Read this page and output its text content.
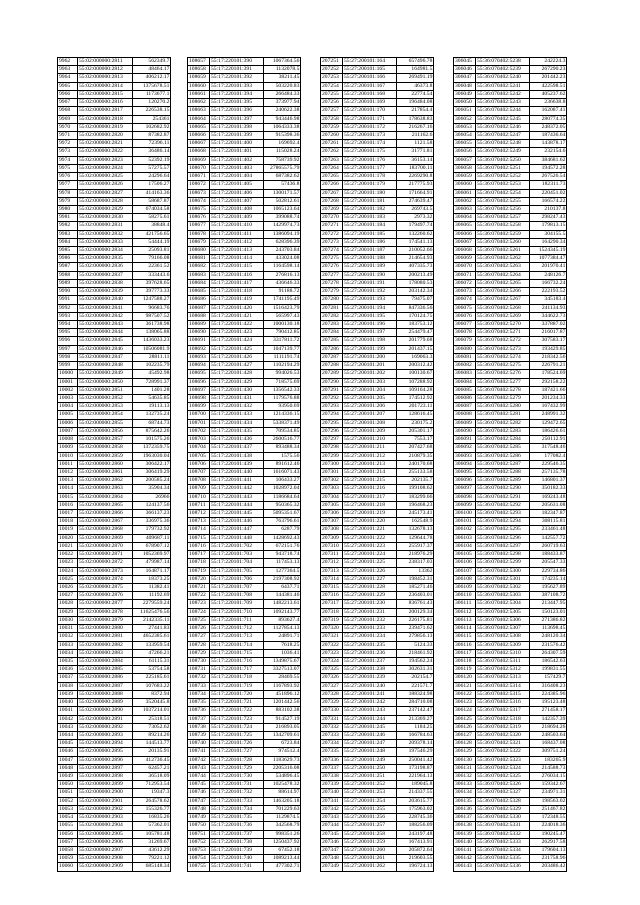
9962	55:02:000000:2811	562349.7
9963	55:02:000000:2812	48464.17
9964	55:02:000000:2813	406212.17
9965	55:02:000000:2814	1375678.51
9966	55:02:000000:2815	1173677.1
9967	55:02:000000:2816	120270.2
9968	55:02:000000:2817	226538.15
9969	55:02:000000:2818	254361
9970	55:02:000000:2819	102682.92
9971	55:02:000000:2820	87382.87
9972	55:02:000000:2821	72396.11
9973	55:02:000000:2822	36486.14
9974	55:02:000000:2823	52392.19
9975	55:02:000000:2824	57275.57
9976	55:02:000000:2825	24296.64
9977	55:02:000000:2826	17506.27
9978	55:02:000000:2827	414163.36
9979	55:02:000000:2828	58687.87
9980	55:02:000000:2829	674034.58
9981	55:02:000000:2830	58275.61
9982	55:02:000000:2831	38848.4
9983	55:02:000000:2832	421756.65
9984	55:02:000000:2833	54444.19
9985	55:02:000000:2834	25093.81
9986	55:02:000000:2835	79166.08
9987	55:02:000000:2836	22361.52
9988	55:02:000000:2837	333443.6
9989	55:02:000000:2838	397628.65
9990	55:02:000000:2839	397773.33
9991	55:02:000000:2840	1247588.27
9992	55:02:000000:2841	96683.76
9993	55:02:000000:2842	987507.52
9994	55:02:000000:2843	361738.98
9995	55:02:000000:2844	138065.88
9996	55:02:000000:2845	1436033.23
9997	55:02:000000:2846	10506081.9
9998	55:02:000000:2847	28811.11
9999	55:02:000000:2848	102235.79
10000	55:02:000000:2849	45492.98
10001	55:02:000000:2850	728991.37
10002	55:02:000000:2851	1401.28
10003	55:02:000000:2852	54635.85
10004	55:02:000000:2853	19113.13
10005	55:02:000000:2854	132735.24
10006	55:02:000000:2855	68744.73
10007	55:02:000000:2856	875642.26
10008	55:02:000000:2857	101575.26
10009	55:02:000000:2858	1372359.75
10010	55:02:000000:2859	1963030.04
10011	55:02:000000:2860	306422.17
10012	55:02:000000:2861	306419.29
10013	55:02:000000:2862	200585.24
10014	55:02:000000:2863	35904.34
10015	55:02:000000:2864	26966
10016	55:02:000000:2865	124137.56
10017	55:02:000000:2866	366137.23
10018	55:02:000000:2867	336975.36
10019	55:02:000000:2868	179732.92
10020	55:02:000000:2869	409687.11
10021	55:02:000000:2870	678907.12
10022	55:02:000000:2871	1052369.97
10023	55:02:000000:2872	479987.14
10024	55:02:000000:2873	164871.17
10025	55:02:000000:2874	18373.25
10026	55:02:000000:2875	11382.41
10027	55:02:000000:2876	11192.69
10028	55:02:000000:2877	2279559.24
10029	55:02:000000:2878	11625476.56
10030	55:02:000000:2879	2142335.11
10031	55:02:000000:2880	27441.83
10032	55:02:000000:2881	4652385.61
10033	55:02:000000:2882	133959.54
10034	55:02:000000:2883	47266.21
10035	55:02:000000:2884	61115.31
10036	55:02:000000:2885	53754.58
10037	55:02:000000:2886	225185.61
10038	55:02:000000:2887	107683.22
10039	55:02:000000:2888	8372.94
10040	55:02:000000:2889	3520445.8
10041	55:02:000000:2890	1037214.01
10042	55:02:000000:2891	25318.51
10043	55:02:000000:2892	73052.62
10044	55:02:000000:2893	89214.26
10045	55:02:000000:2894	144513.77
10046	55:02:000000:2895	20135.91
10047	55:02:000000:2896	412736.45
10048	55:02:000000:2897	62457.21
10049	55:02:000000:2898	36518.09
10050	55:02:000000:2899	712953.54
10051	55:02:000000:2900	19347.3
10052	55:02:000000:2901	264578.62
10053	55:02:000000:2902	155326.77
10054	55:02:000000:2903	16835.26
10055	55:02:000000:2904	57362.01
10056	55:02:000000:2905	105781.48
10057	55:02:000000:2906	31269.67
10058	55:02:000000:2907	43612.29
10059	55:02:000000:2908	79221.12
10060	55:02:000000:2909	685148.34
108657 55:17:220101:390	1067364.56
108658 55:17:220101:391	1132078.5
108659 55:17:220101:392	38211.45
108660 55:17:220101:393	503220.83
108661 55:17:220101:394	266484.33
108662 55:17:220101:395	373977.94
108663 55:17:220101:396	240622.38
108664 55:17:220101:397	943446.98
108665 55:17:220101:398	1064333.38
108666 55:17:220101:399	915398.36
108667 55:17:220101:400	169692.4
108668 55:17:220101:401	115028.24
108669 55:17:220101:402	758739.92
108670 55:17:220101:403	27865575.79
108671 55:17:220101:404	687382.62
108672 55:17:220101:405	57436.8
108673 55:17:220101:406	1300171.57
108674 55:17:220101:407	502812.61
108675 55:17:220101:408	1065123.64
108676 55:17:220101:409	399088.74
108677 55:17:220101:410	1429974.73
108678 55:17:220101:411	1386094.19
108679 55:17:220101:412	628396.39
108680 55:17:220101:413	243703.84
108681 55:17:220101:414	433024.08
108682 55:17:220101:415	1164598.14
108683 55:17:220101:416	276816.13
108684 55:17:220101:417	436646.33
108685 55:17:220101:418	91188.72
108686 55:17:220101:419	1741195.49
108687 55:17:220101:420	1516423.79
108688 55:17:220101:421	565997.43
108689 55:17:220101:422	1000130.18
108690 55:17:220101:423	790412.85
108691 55:17:220101:424	3317811.72
108692 55:17:220101:425	1047139.77
108693 55:17:220101:426	1111191.74
108694 55:17:220101:427	1102194.29
108695 55:17:220101:428	994026.53
108696 55:17:220101:429	718575.69
108697 55:17:220101:430	1356542.33
108698 55:17:220101:431	1179576.88
108699 55:17:220101:432	93950.69
108700 55:17:220101:433	1214336.15
108701 55:17:220101:434	5338371.49
108702 55:17:220101:435	709534.85
108703 55:17:220101:436	2600516.77
108704 55:17:220101:437	893488.34
108705 55:17:220101:438	1575.56
108706 55:17:220101:439	891612.46
108707 55:17:220101:440	1616071.43
108708 55:17:220101:441	106433.27
108709 55:17:220101:442	1028972.04
108710 55:17:220101:443	1186684.64
108711 55:17:220101:444	950365.32
108712 55:17:220101:445	5095351.67
108713 55:17:220101:446	763796.61
108714 55:17:220101:447	6287.79
108715 55:17:220101:448	1428692.43
108716 55:17:220101:702	672151.76
108717 55:17:220101:703	943718.74
108718 55:17:220101:704	117453.13
108719 55:17:220101:705	1277364.5
108720 55:17:220101:706	2197308.92
108721 55:17:220101:707	6437.71
108722 55:17:220101:708	144381.46
108723 55:17:220101:709	1482213.61
108724 55:17:220101:710	1092143.77
108725 55:17:220101:711	893627.4
108726 55:17:220101:712	1127854.13
108727 55:17:220101:713	24891.71
108728 55:17:220101:714	7618.25
108729 55:17:220101:715	1036.41
108730 55:17:220101:716	1349875.67
108731 55:17:220101:717	3327513.07
108732 55:17:220101:718	28469.55
108733 55:17:220101:719	1167893.92
108734 55:17:220101:720	451896.12
108735 55:17:220101:721	1201442.56
108736 55:17:220101:722	883102.38
108737 55:17:220101:723	914527.19
108738 55:17:220101:724	216893.05
108739 55:17:220101:725	1342709.61
108740 55:17:220101:726	6723.84
108741 55:17:220101:727	974512.4
108742 55:17:220101:728	1183629.73
108743 55:17:220101:729	2205316.08
108744 55:17:220101:730	534896.45
108745 55:17:220101:731	1025478.32
108746 55:17:220101:732	88614.97
108747 55:17:220101:733	1463205.18
108748 55:17:220101:734	701229.63
108749 55:17:220101:735	1129874.5
108750 55:17:220101:736	342568.79
108751 55:17:220101:737	998351.26
108752 55:17:220101:738	1250437.92
108753 55:17:220101:739	67452.18
108754 55:17:220101:740	1089213.44
108755 55:17:220101:741	477302.71
207251 55:27:200101:164	657496.78
207252 55:27:200101:165	164981.5
207253 55:27:200101:166	269491.19
207254 55:27:200101:167	46373.8
207255 55:27:200101:168	22774.54
207256 55:27:200101:169	196484.08
207257 55:27:200101:170	217854.4
207258 55:27:200101:171	178638.83
207259 55:27:200101:172	216267.16
207260 55:27:200101:173	211162.6
207261 55:27:200101:174	1121.58
207262 55:27:200101:175	31771.81
207263 55:27:200101:176	36153.14
207264 55:27:200101:177	183700.11
207265 55:27:200101:178	2269290.8
207266 55:27:200101:179	217775.93
207267 55:27:200101:180	171664.91
207268 55:27:200101:181	274639.47
207269 55:27:200101:182	269743.5
207270 55:27:200101:183	2973.32
207271 55:27:200101:184	179497.74
207272 55:27:200101:185	132260.62
207273 55:27:200101:186	174541.13
207274 55:27:200101:187	210052.66
207275 55:27:200101:188	214654.93
207276 55:27:200101:189	407335.73
207277 55:27:200101:190	200213.49
207278 55:27:200101:191	178080.53
207279 55:27:200101:192	203142.34
207280 55:27:200101:193	79475.07
207281 55:27:200101:194	847336.56
207282 55:27:200101:195	170124.75
207283 55:27:200101:196	183753.12
207284 55:27:200101:197	254479.47
207285 55:27:200101:198	201779.68
207286 55:27:200101:199	201437.15
207287 55:27:200101:200	169063.3
207288 55:27:200101:201	200312.42
207289 55:27:200101:202	100130.67
207290 55:27:200101:203	107288.92
207291 55:27:200101:204	109164.28
207292 55:27:200101:205	174512.92
207293 55:27:200101:206	201723.11
207294 55:27:200101:207	128616.45
207295 55:27:200101:208	230175.2
207296 55:27:200101:209	205301.17
207297 55:27:200101:210	7553.17
207298 55:27:200101:211	207427.68
207299 55:27:200101:212	210879.35
207300 55:27:200101:213	240170.68
207301 55:27:200101:214	255133.58
207302 55:27:200101:215	202135.7
207303 55:27:200101:216	199108.62
207304 55:27:200101:217	183299.66
207305 55:27:200101:218	196468.23
207306 55:27:200101:219	245173.41
207307 55:27:200101:220	162548.9
207308 55:27:200101:221	132678.13
207309 55:27:200101:222	129644.78
207310 55:27:200101:223	255917.37
207311 55:27:200101:224	218976.29
207312 55:27:200101:225	238317.03
207313 55:27:200101:226	13362
207314 55:27:200101:227	198452.31
207315 55:27:200101:228	185271.46
207316 55:27:200101:229	236403.01
207317 55:27:200101:230	836761.43
207318 55:27:200101:231	200129.34
207319 55:27:200101:232	226175.81
207320 55:27:200101:233	239471.62
207321 55:27:200101:234	279856.13
207322 55:27:200101:235	5124.33
207323 55:27:200101:236	218461.92
207324 55:27:200101:237	194562.24
207325 55:27:200101:238	302631.31
207326 55:27:200101:239	202154.7
207327 55:27:200101:240	221571.7
207328 55:27:200101:241	188324.98
207329 55:27:200101:242	284710.08
207330 55:27:200101:243	237142.47
207331 55:27:200101:244	213369.27
207332 55:27:200101:245	1184.25
207333 55:27:200101:246	166784.63
207334 55:27:200101:247	209378.14
207335 55:27:200101:248	197546.29
207336 55:27:200101:249	250041.42
207337 55:27:200101:250	173198.87
207338 55:27:200101:251	221964.13
207339 55:27:200101:252	189045.8
207340 55:27:200101:253	214337.55
207341 55:27:200101:254	203615.77
207342 55:27:200101:255	175963.02
207343 55:27:200101:256	228745.36
207344 55:27:200101:257	188256.09
207345 55:27:200101:258	243197.48
207346 55:27:200101:259	167413.91
207347 55:27:200101:260	205872.64
207348 55:27:200101:261	219603.55
207349 55:27:200101:262	196724.13
306045 55:36:070402:5238	242224.3
306046 55:36:070402:5239	267290.23
306047 55:36:070402:5240	201442.23
306048 55:36:070402:5241	422598.51
306049 55:36:070402:5242	405237.62
306050 55:36:070402:5243	236638.8
306051 55:36:070402:5244	162087.41
306052 55:36:070402:5245	280774.35
306053 55:36:070402:5246	248372.05
306054 55:36:070402:5247	187436.64
306055 55:36:070402:5248	143878.17
306056 55:36:070402:5249	232154.6
306057 55:36:070402:5250	384681.62
306058 55:36:070402:5251	194572.28
306059 55:36:070402:5252	267526.54
306060 55:36:070402:5253	182311.73
306061 55:36:070402:5254	220451.02
306062 55:36:070402:5255	166574.22
306063 55:36:070402:5256	210137.8
306064 55:36:070402:5257	298247.43
306065 55:36:070402:5258	179813.15
306066 55:36:070402:5259	304155.5
306067 55:36:070402:5260	164290.34
306068 55:36:070402:5261	1524345.19
306069 55:36:070402:5262	1077384.47
306070 55:36:070402:5263	201970.41
306071 55:36:070402:5264	248126.7
306072 55:36:070402:5265	166732.24
306073 55:36:070402:5266	222193.52
306074 55:36:070402:5267	345183.4
306075 55:36:070402:5268	241134.93
306076 55:36:070402:5269	344622.73
306077 55:36:070402:5270	337887.02
306078 55:36:070402:5271	216017.87
306079 55:36:070402:5272	307583.17
306080 55:36:070402:5273	193429.85
306081 55:36:070402:5274	218342.56
306082 55:36:070402:5275	226791.21
306083 55:36:070402:5276	178524.69
306084 55:36:070402:5277	292158.22
306085 55:36:070402:5278	187421.66
306086 55:36:070402:5279	201234.33
306087 55:36:070402:5280	167432.99
306088 55:36:070402:5281	248991.32
306089 55:36:070402:5282	129472.65
306090 55:36:070402:5283	186426.61
306091 55:36:070402:5284	250112.91
306092 55:36:070402:5285	317548.46
306093 55:36:070402:5286	177082.4
306094 55:36:070402:5287	229546.35
306095 55:36:070402:5288	257135.78
306096 55:36:070402:5289	146801.37
306097 55:36:070402:5290	350182.33
306098 55:36:070402:5291	169243.48
306099 55:36:070402:5292	205631.08
306100 55:36:070402:5293	182347.87
306101 55:36:070402:5294	308115.81
306102 55:36:070402:5295	233461.48
306103 55:36:070402:5296	142557.72
306104 55:36:070402:5297	260719.63
306105 55:36:070402:5298	188433.87
306106 55:36:070402:5299	205547.33
306107 55:36:070402:5300	229734.86
306108 55:36:070402:5301	174235.14
306109 55:36:070402:5302	195627.89
306110 55:36:070402:5303	387108.72
306111	55:36:070402:5304	213447.95
306112 55:36:070402:5305	150123.01
306113 55:36:070402:5306	271386.82
306114 55:36:070402:5307	113698.45
306115 55:36:070402:5308	248120.34
306116 55:36:070402:5309	231576.42
306117 55:36:070402:5310	264307.59
306118 55:36:070402:5311	186542.63
306119 55:36:070402:5312	199831.55
306120 55:36:070402:5313	157429.7
306121 55:36:070402:5314	316408.23
306122 55:36:070402:5315	224385.96
306123 55:36:070402:5316	195123.48
306124 55:36:070402:5317	271458.17
306125 55:36:070402:5318	142357.39
306126 55:36:070402:5319	218694.26
306127 55:36:070402:5320	248503.64
306128 55:36:070402:5321	168437.08
306129 55:36:070402:5322	309751.24
306130 55:36:070402:5323	183265.9
306131 55:36:070402:5324	214588.73
306132 55:36:070402:5325	276034.15
306133 55:36:070402:5326	159342.67
306134 55:36:070402:5327	234971.31
306135 55:36:070402:5328	198563.02
306136 55:36:070402:5329	251467.82
306137 55:36:070402:5330	172348.55
306138 55:36:070402:5331	224018.36
306139 55:36:070402:5332	190245.47
306140 55:36:070402:5333	262917.58
306141 55:36:070402:5334	179604.13
306142 55:36:070402:5335	231758.96
306143 55:36:070402:5336	203486.42
